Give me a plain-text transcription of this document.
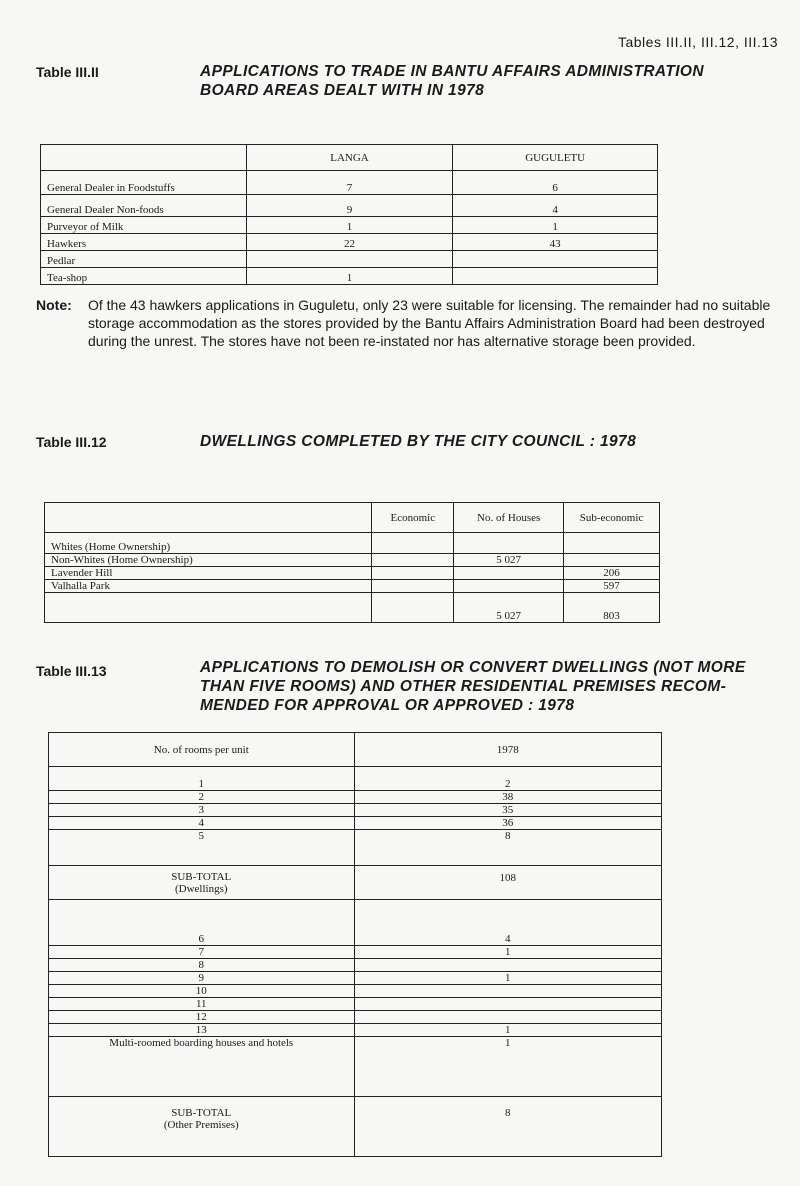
Tables III.II, III.12, III.13
Table III.II	APPLICATIONS TO TRADE IN BANTU AFFAIRS ADMINISTRATION
BOARD AREAS DEALT WITH IN 1978
	LANGA	GUGULETU
General Dealer in Foodstuffs	7	6
General Dealer Non-foods	9	4
Purveyor of Milk	1	1
Hawkers	22	43
Pedlar		
Tea-shop	1	
Note: Of the 43 hawkers applications in Guguletu, only 23 were suitable for licensing. The remainder had no suitable storage accommodation as the stores provided by the Bantu Affairs Administration Board had been destroyed during the unrest. The stores have not been re-instated nor has alternative storage been provided.
Table III.12	DWELLINGS COMPLETED BY THE CITY COUNCIL : 1978
	Economic	No. of Houses	Sub-economic
Whites (Home Ownership)			
Non-Whites (Home Ownership)		5 027	
Lavender Hill			206
Valhalla Park			597
		5 027	803
Table III.13	APPLICATIONS TO DEMOLISH OR CONVERT DWELLINGS (NOT MORE
THAN FIVE ROOMS) AND OTHER RESIDENTIAL PREMISES RECOM-
MENDED FOR APPROVAL OR APPROVED : 1978
No. of rooms per unit	1978
1	2
2	38
3	35
4	36
5	8

SUB-TOTAL
(Dwellings)	108
6	4
7	1
8	
9	1
10	
11	
12	
13	1
Multi-roomed boarding houses and hotels	1

SUB-TOTAL
(Other Premises)	8
